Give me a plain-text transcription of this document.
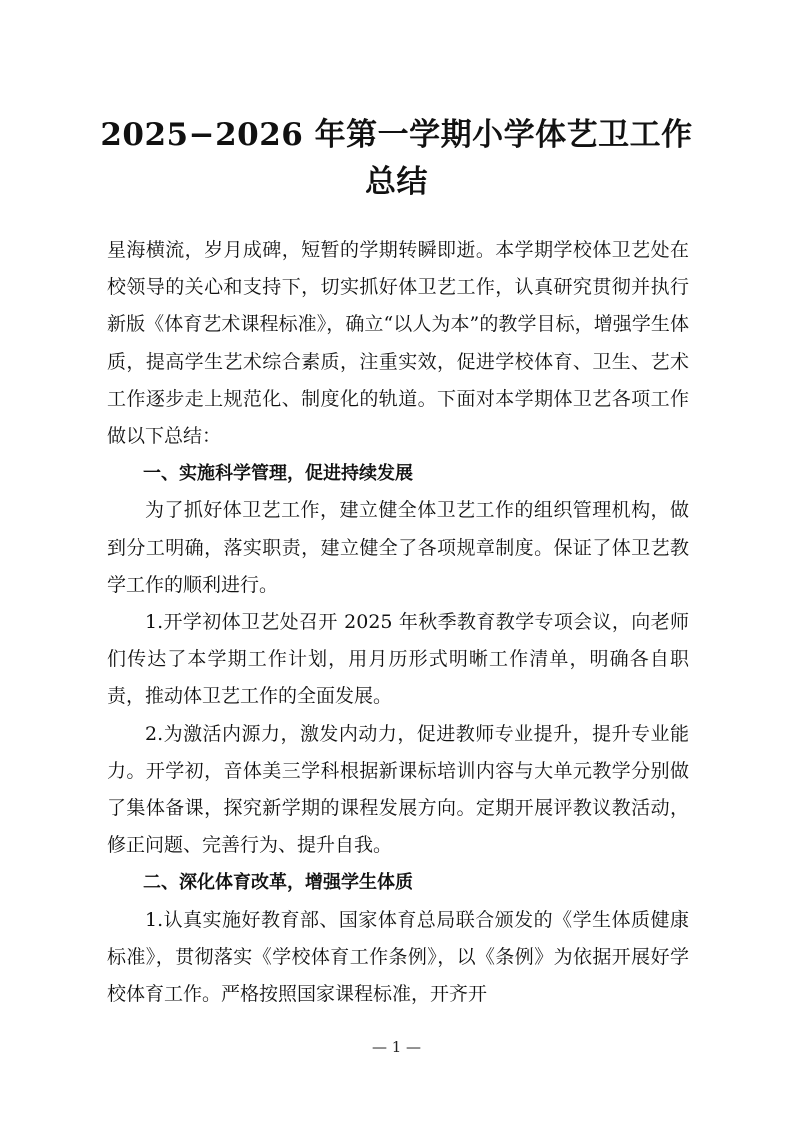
2025−2026 年第一学期小学体艺卫工作总结

星海横流，岁月成碑，短暂的学期转瞬即逝。本学期学校体卫艺处在校领导的关心和支持下，切实抓好体卫艺工作，认真研究贯彻并执行新版《体育艺术课程标准》，确立“以人为本”的教学目标，增强学生体质，提高学生艺术综合素质，注重实效，促进学校体育、卫生、艺术工作逐步走上规范化、制度化的轨道。下面对本学期体卫艺各项工作做以下总结：

一、实施科学管理，促进持续发展

为了抓好体卫艺工作，建立健全体卫艺工作的组织管理机构，做到分工明确，落实职责，建立健全了各项规章制度。保证了体卫艺教学工作的顺利进行。

1.开学初体卫艺处召开 2025 年秋季教育教学专项会议，向老师们传达了本学期工作计划，用月历形式明晰工作清单，明确各自职责，推动体卫艺工作的全面发展。

2.为激活内源力，激发内动力，促进教师专业提升，提升专业能力。开学初，音体美三学科根据新课标培训内容与大单元教学分别做了集体备课，探究新学期的课程发展方向。定期开展评教议教活动，修正问题、完善行为、提升自我。

二、深化体育改革，增强学生体质

1.认真实施好教育部、国家体育总局联合颁发的《学生体质健康标准》，贯彻落实《学校体育工作条例》，以《条例》为依据开展好学校体育工作。严格按照国家课程标准，开齐开

— 1 —
